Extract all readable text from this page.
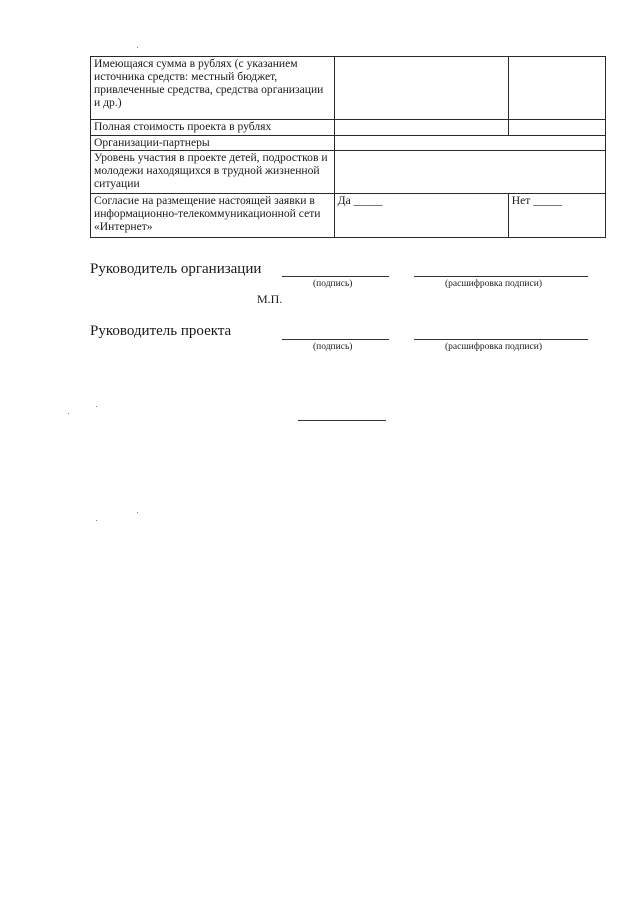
Имеющаяся сумма в рублях (с указанием источника средств: местный бюджет, привлеченные средства, средства организации и др.)		
Полная стоимость проекта в рублях		
Организации-партнеры		
Уровень участия в проекте детей, подростков и молодежи находящихся в трудной жизненной ситуации		
Согласие на размещение настоящей заявки в информационно-телекоммуникационной сети «Интернет»	Да _____	Нет _____
Руководитель организации
(подпись)	(расшифровка подписи)
М.П.
Руководитель проекта
(подпись)	(расшифровка подписи)
